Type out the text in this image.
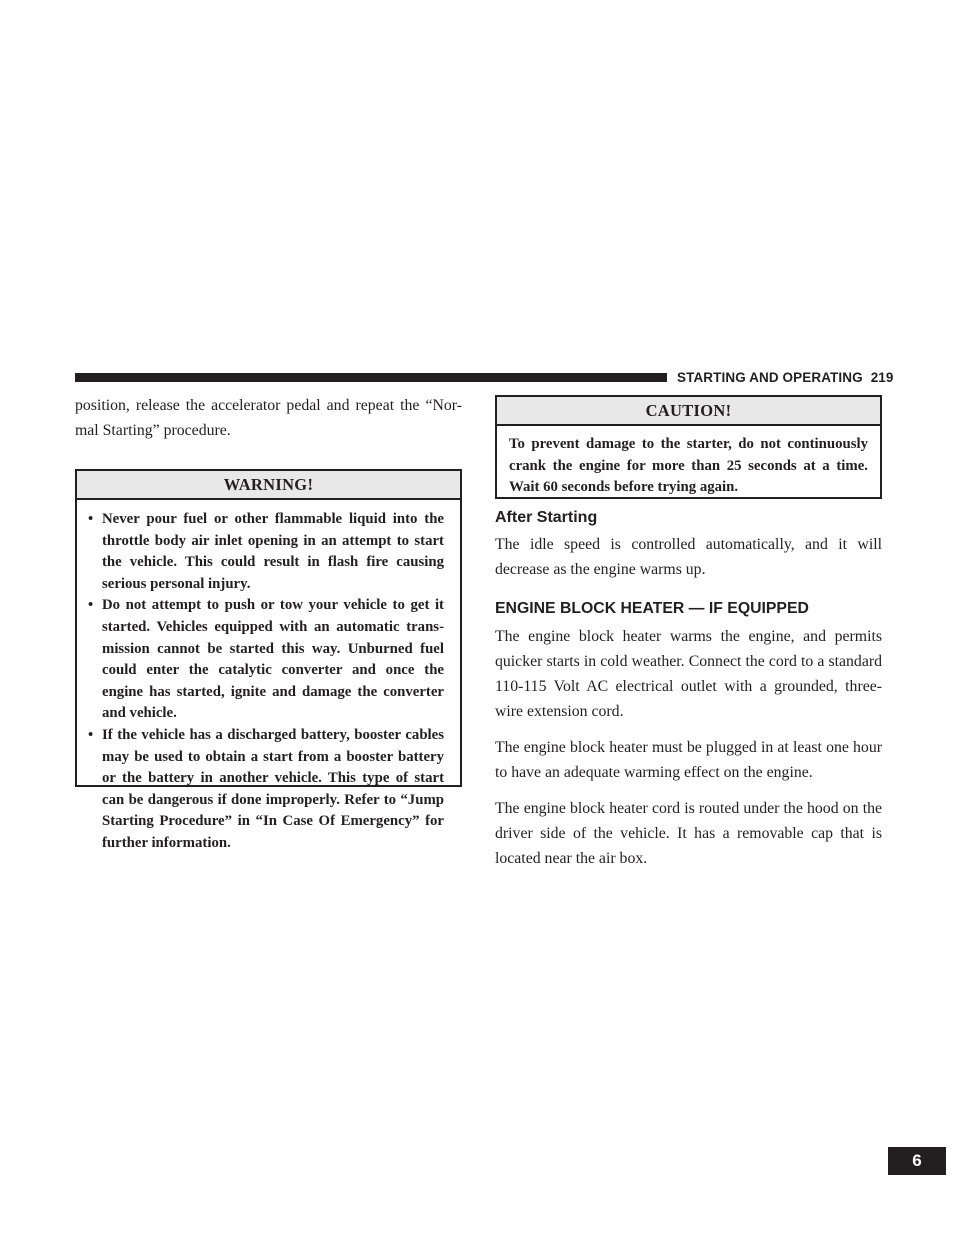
STARTING AND OPERATING 219
6

position, release the accelerator pedal and repeat the “Nor-
mal Starting” procedure.

WARNING!
• Never pour fuel or other flammable liquid into the throttle body air inlet opening in an attempt to start the vehicle. This could result in flash fire causing serious personal injury.
• Do not attempt to push or tow your vehicle to get it started. Vehicles equipped with an automatic trans-mission cannot be started this way. Unburned fuel could enter the catalytic converter and once the engine has started, ignite and damage the converter and vehicle.
• If the vehicle has a discharged battery, booster cables may be used to obtain a start from a booster battery or the battery in another vehicle. This type of start can be dangerous if done improperly. Refer to “Jump Starting Procedure” in “In Case Of Emergency” for further information.
CAUTION!

To prevent damage to the starter, do not continuously crank the engine for more than 25 seconds at a time. Wait 60 seconds before trying again.

After Starting

The idle speed is controlled automatically, and it will decrease as the engine warms up.

ENGINE BLOCK HEATER — IF EQUIPPED

The engine block heater warms the engine, and permits quicker starts in cold weather. Connect the cord to a standard 110-115 Volt AC electrical outlet with a grounded, three-wire extension cord.

The engine block heater must be plugged in at least one hour to have an adequate warming effect on the engine.

The engine block heater cord is routed under the hood on the driver side of the vehicle. It has a removable cap that is located near the air box.
